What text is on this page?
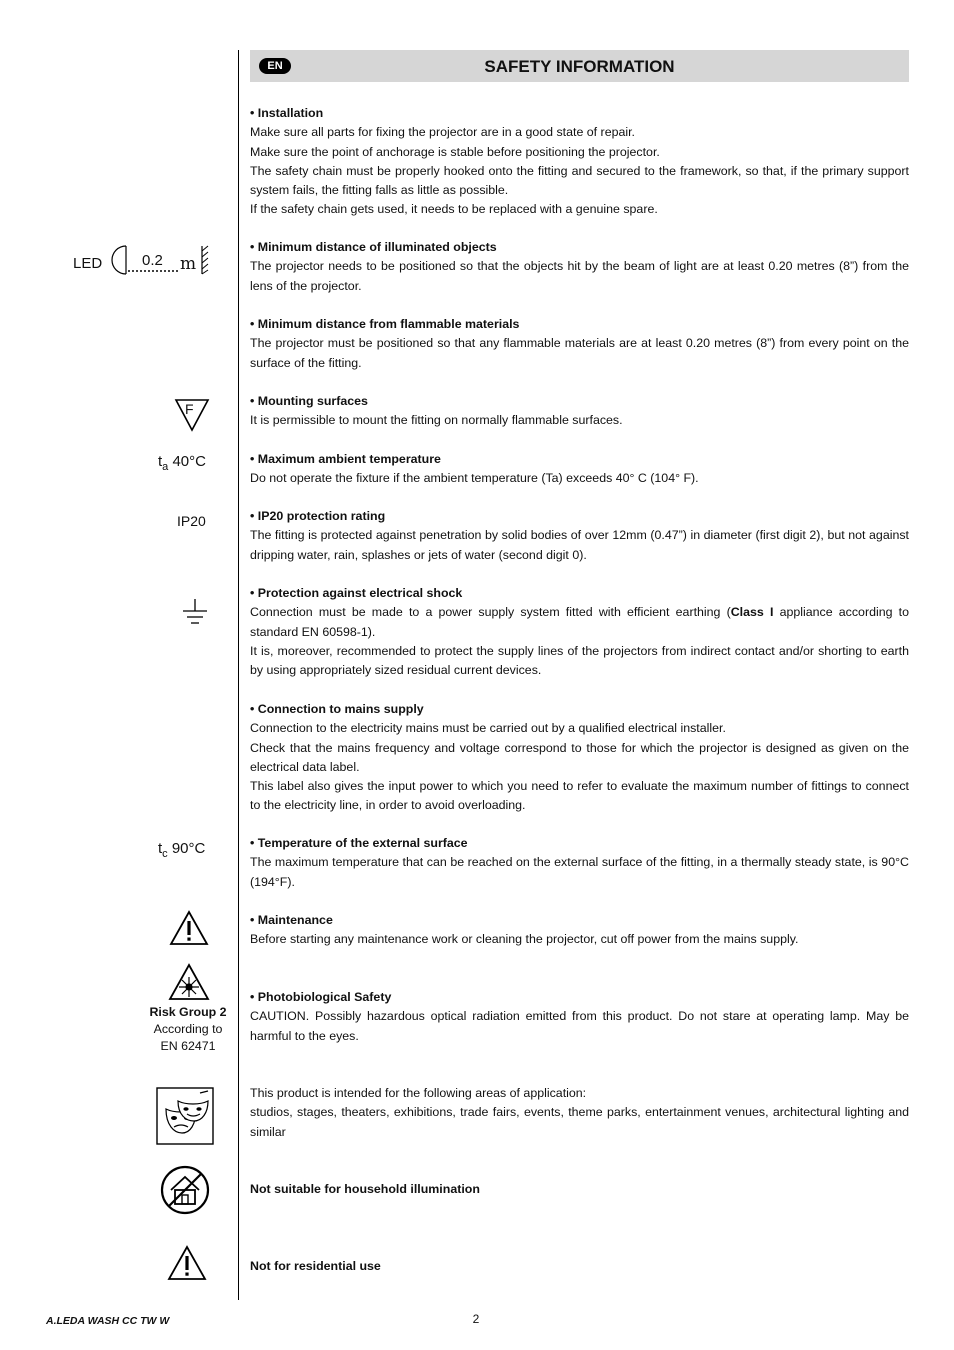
EN	SAFETY INFORMATION
• Installation

Make sure all parts for fixing the projector are in a good state of repair.

Make sure the point of anchorage is stable before positioning the projector.

The safety chain must be properly hooked onto the fitting and secured to the framework, so that, if the primary support system fails, the fitting falls as little as possible.

If the safety chain gets used, it needs to be replaced with a genuine spare.

• Minimum distance of illuminated objects

The projector needs to be positioned so that the objects hit by the beam of light are at least 0.20 metres (8”) from the lens of the projector.

• Minimum distance from flammable materials

The projector must be positioned so that any flammable materials are at least 0.20 metres (8”) from every point on the surface of the fitting.

• Mounting surfaces

It is permissible to mount the fitting on normally flammable surfaces.

• Maximum ambient temperature

Do not operate the fixture if the ambient temperature (Ta) exceeds 40° C (104° F).

• IP20 protection rating

The fitting is protected against penetration by solid bodies of over 12mm (0.47”) in diameter (first digit 2), but not against dripping water, rain, splashes or jets of water (second digit 0).

• Protection against electrical shock

Connection must be made to a power supply system fitted with efficient earthing (Class I appliance according to standard EN 60598-1).

It is, moreover, recommended to protect the supply lines of the projectors from indirect contact and/or shorting to earth by using appropriately sized residual current devices.

• Connection to mains supply

Connection to the electricity mains must be carried out by a qualified electrical installer.

Check that the mains frequency and voltage correspond to those for which the projector is designed as given on the electrical data label.

This label also gives the input power to which you need to refer to evaluate the maximum number of fittings to connect to the electricity line, in order to avoid overloading.

• Temperature of the external surface

The maximum temperature that can be reached on the external surface of the fitting, in a thermally steady state, is 90°C (194°F).

• Maintenance

Before starting any maintenance work or cleaning the projector, cut off power from the mains supply.

• Photobiological Safety

CAUTION. Possibly hazardous optical radiation emitted from this product. Do not stare at operating lamp. May be harmful to the eyes.

This product is intended for the following areas of application:

studios, stages, theaters, exhibitions, trade fairs, events, theme parks, entertainment venues, architectural lighting and similar

Not suitable for household illumination
Not for residential use
LED	0.2 m
F
$t_a$ 40°C
IP20
$t_c$ 90°C
Risk Group 2
According to
EN 62471
A.LEDA WASH CC TW W	2
